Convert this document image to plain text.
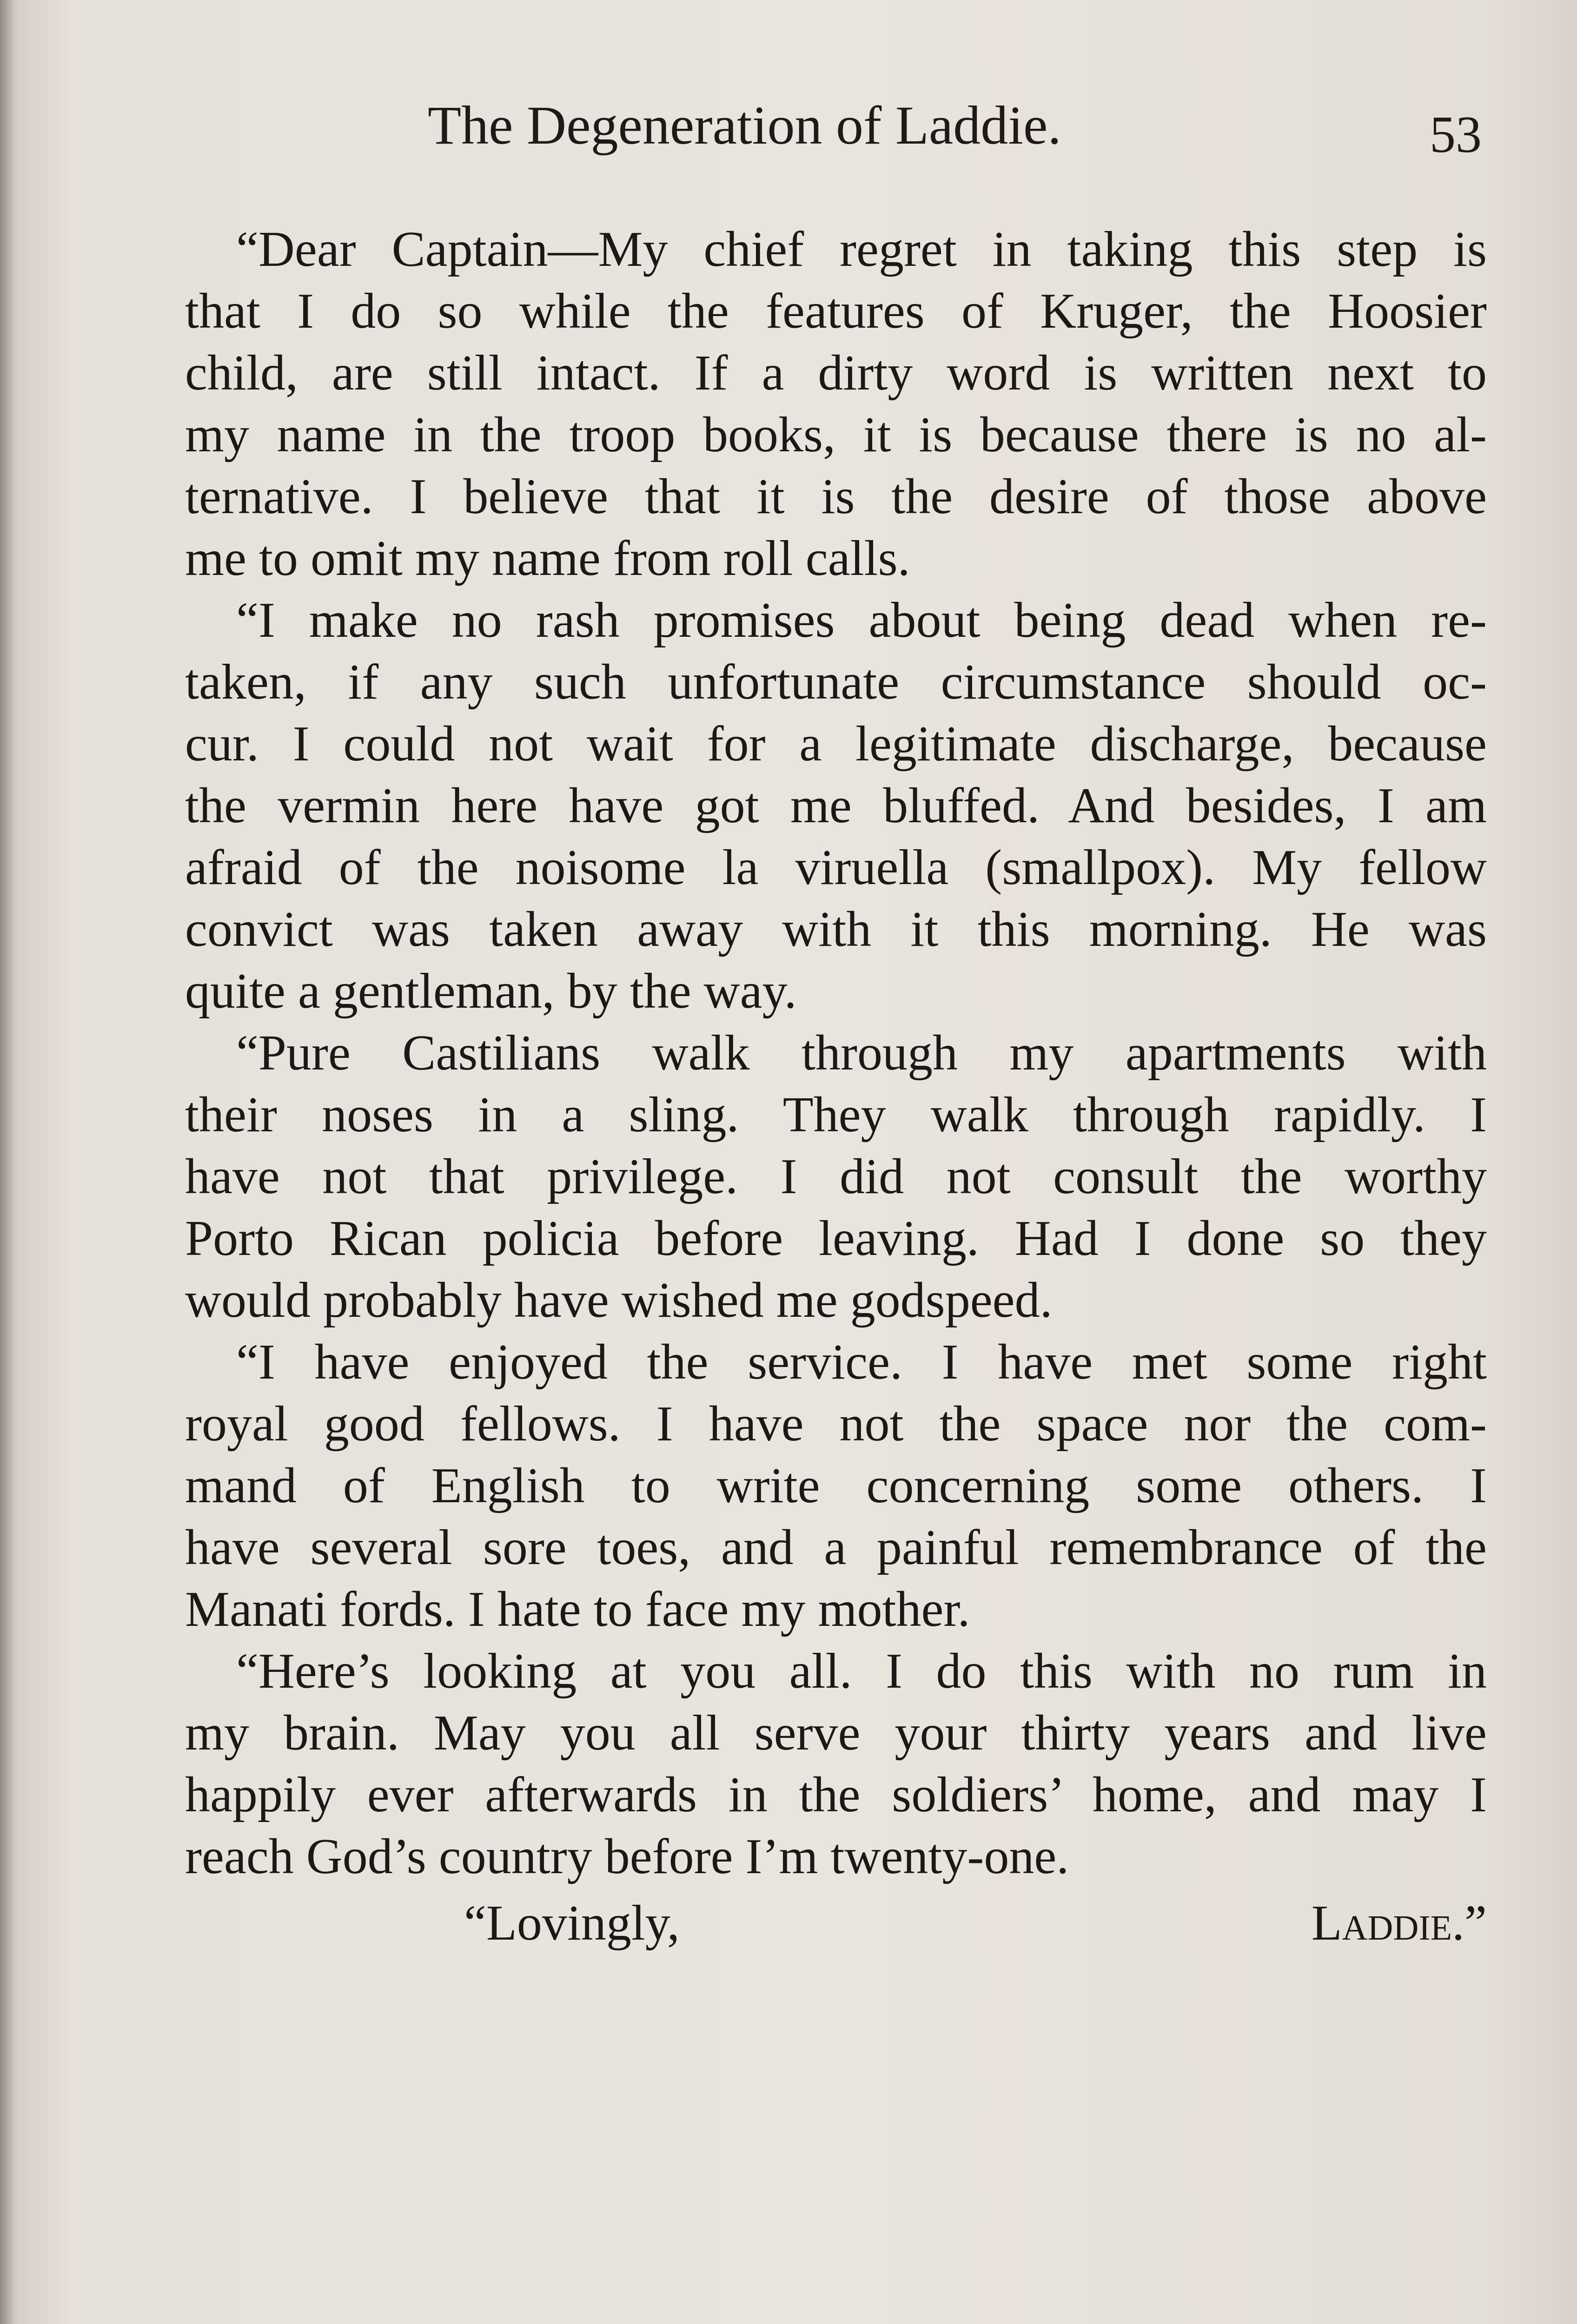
The Degeneration of Laddie.	53
“Dear Captain—My chief regret in taking this step is
that I do so while the features of Kruger, the Hoosier
child, are still intact. If a dirty word is written next to
my name in the troop books, it is because there is no al-
ternative. I believe that it is the desire of those above
me to omit my name from roll calls.
“I make no rash promises about being dead when re-
taken, if any such unfortunate circumstance should oc-
cur. I could not wait for a legitimate discharge, because
the vermin here have got me bluffed. And besides, I am
afraid of the noisome la viruella (smallpox). My fellow
convict was taken away with it this morning. He was
quite a gentleman, by the way.
“Pure Castilians walk through my apartments with
their noses in a sling. They walk through rapidly. I
have not that privilege. I did not consult the worthy
Porto Rican policia before leaving. Had I done so they
would probably have wished me godspeed.
“I have enjoyed the service. I have met some right
royal good fellows. I have not the space nor the com-
mand of English to write concerning some others. I
have several sore toes, and a painful remembrance of the
Manati fords. I hate to face my mother.
“Here’s looking at you all. I do this with no rum in
my brain. May you all serve your thirty years and live
happily ever afterwards in the soldiers’ home, and may I
reach God’s country before I’m twenty-one.
“Lovingly,	Laddie.”
